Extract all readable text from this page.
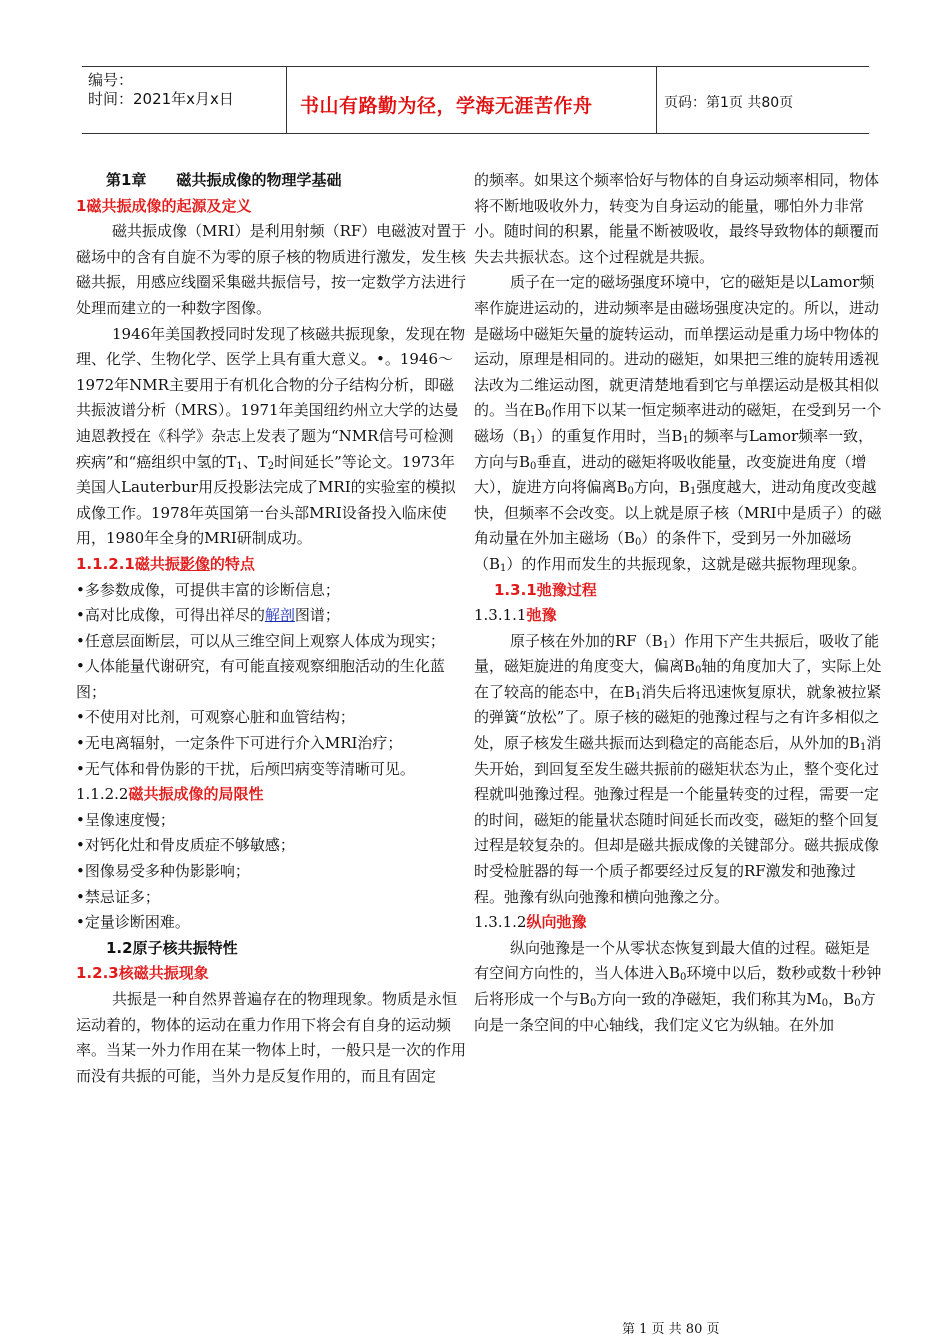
编号：
时间：2021年x月x日	书山有路勤为径，学海无涯苦作舟	页码：第1页 共80页

第1章　　磁共振成像的物理学基础

1磁共振成像的起源及定义

磁共振成像（MRI）是利用射频（RF）电磁波对置于磁场中的含有自旋不为零的原子核的物质进行激发，发生核磁共振，用感应线圈采集磁共振信号，按一定数学方法进行处理而建立的一种数字图像。

1946年美国教授同时发现了核磁共振现象，发现在物理、化学、生物化学、医学上具有重大意义。•。1946～1972年NMR主要用于有机化合物的分子结构分析，即磁共振波谱分析（MRS）。1971年美国纽约州立大学的达曼迪恩教授在《科学》杂志上发表了题为“NMR信号可检测疾病”和“癌组织中氢的$T_1$、$T_2$时间延长”等论文。1973年美国人Lauterbur用反投影法完成了MRI的实验室的模拟成像工作。1978年英国第一台头部MRI设备投入临床使用，1980年全身的MRI研制成功。

1.1.2.1磁共振影像的特点

•多参数成像，可提供丰富的诊断信息；

•高对比成像，可得出祥尽的解剖图谱；

•任意层面断层，可以从三维空间上观察人体成为现实；

•人体能量代谢研究，有可能直接观察细胞活动的生化蓝图；

•不使用对比剂，可观察心脏和血管结构；

•无电离辐射，一定条件下可进行介入MRI治疗；

•无气体和骨伪影的干扰，后颅凹病变等清晰可见。

1.1.2.2磁共振成像的局限性

•呈像速度慢；

•对钙化灶和骨皮质症不够敏感；

•图像易受多种伪影影响；

•禁忌证多；

•定量诊断困难。

1.2原子核共振特性

1.2.3核磁共振现象

共振是一种自然界普遍存在的物理现象。物质是永恒运动着的，物体的运动在重力作用下将会有自身的运动频率。当某一外力作用在某一物体上时，一般只是一次的作用而没有共振的可能，当外力是反复作用的，而且有固定

的频率。如果这个频率恰好与物体的自身运动频率相同，物体将不断地吸收外力，转变为自身运动的能量，哪怕外力非常小。随时间的积累，能量不断被吸收，最终导致物体的颠覆而失去共振状态。这个过程就是共振。

质子在一定的磁场强度环境中，它的磁矩是以Lamor频率作旋进运动的，进动频率是由磁场强度决定的。所以，进动是磁场中磁矩矢量的旋转运动，而单摆运动是重力场中物体的运动，原理是相同的。进动的磁矩，如果把三维的旋转用透视法改为二维运动图，就更清楚地看到它与单摆运动是极其相似的。当在$B_0$作用下以某一恒定频率进动的磁矩，在受到另一个磁场$(B_1)$的重复作用时，当$B_1$的频率与Lamor频率一致，方向与$B_0$垂直，进动的磁矩将吸收能量，改变旋进角度（增大），旋进方向将偏离$B_0$方向，$B_1$强度越大，进动角度改变越快，但频率不会改变。以上就是原子核（MRI中是质子）的磁角动量在外加主磁场$(B_0)$的条件下，受到另一外加磁场$(B_1)$的作用而发生的共振现象，这就是磁共振物理现象。

1.3.1弛豫过程

1.3.1.1弛豫

原子核在外加的$RF(B_1)$作用下产生共振后，吸收了能量，磁矩旋进的角度变大，偏离$B_0$轴的角度加大了，实际上处在了较高的能态中，在$B_1$消失后将迅速恢复原状，就象被拉紧的弹簧“放松”了。原子核的磁矩的弛豫过程与之有许多相似之处，原子核发生磁共振而达到稳定的高能态后，从外加的$B_1$消失开始，到回复至发生磁共振前的磁矩状态为止，整个变化过程就叫弛豫过程。弛豫过程是一个能量转变的过程，需要一定的时间，磁矩的能量状态随时间延长而改变，磁矩的整个回复过程是较复杂的。但却是磁共振成像的关键部分。磁共振成像时受检脏器的每一个质子都要经过反复的RF激发和弛豫过程。弛豫有纵向弛豫和横向弛豫之分。

1.3.1.2纵向弛豫

纵向弛豫是一个从零状态恢复到最大值的过程。磁矩是有空间方向性的，当人体进入$B_0$环境中以后，数秒或数十秒钟后将形成一个与$B_0$方向一致的净磁矩，我们称其为$M_0$，$B_0$方向是一条空间的中心轴线，我们定义它为纵轴。在外加

第 1 页 共 80 页
